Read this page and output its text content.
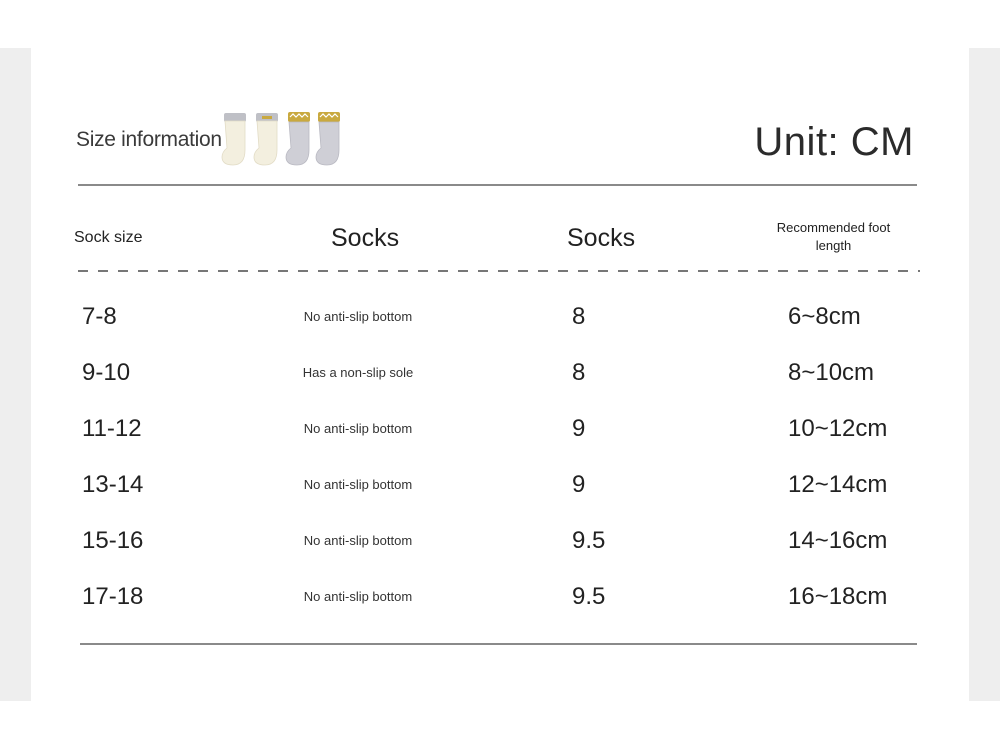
Size information	Unit: CM
Sock size	Socks	Socks	Recommended foot length
7-8	No anti-slip bottom	8	6~8cm
9-10	Has a non-slip sole	8	8~10cm
11-12	No anti-slip bottom	9	10~12cm
13-14	No anti-slip bottom	9	12~14cm
15-16	No anti-slip bottom	9.5	14~16cm
17-18	No anti-slip bottom	9.5	16~18cm
